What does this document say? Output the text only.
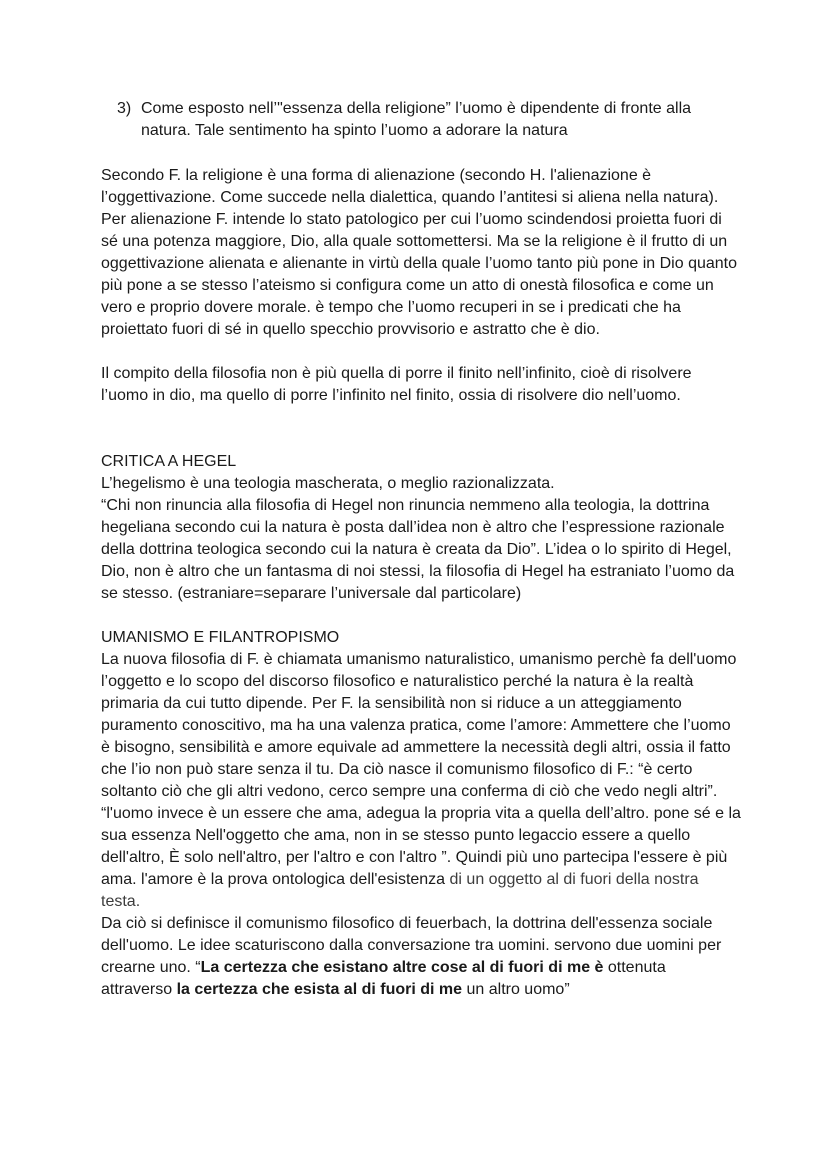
3) Come esposto nell’"essenza della religione” l’uomo è dipendente di fronte alla natura. Tale sentimento ha spinto l’uomo a adorare la natura

Secondo F. la religione è una forma di alienazione (secondo H. l'alienazione è l’oggettivazione. Come succede nella dialettica, quando l’antitesi si aliena nella natura). Per alienazione F. intende lo stato patologico per cui l’uomo scindendosi proietta fuori di sé una potenza maggiore, Dio, alla quale sottomettersi. Ma se la religione è il frutto di un oggettivazione alienata e alienante in virtù della quale l’uomo tanto più pone in Dio quanto più pone a se stesso l’ateismo si configura come un atto di onestà filosofica e come un vero e proprio dovere morale. è tempo che l’uomo recuperi in se i predicati che ha proiettato fuori di sé in quello specchio provvisorio e astratto che è dio.

Il compito della filosofia non è più quella di porre il finito nell’infinito, cioè di risolvere l’uomo in dio, ma quello di porre l’infinito nel finito, ossia di risolvere dio nell’uomo.

CRITICA A HEGEL

L’hegelismo è una teologia mascherata, o meglio razionalizzata.

“Chi non rinuncia alla filosofia di Hegel non rinuncia nemmeno alla teologia, la dottrina hegeliana secondo cui la natura è posta dall’idea non è altro che l’espressione razionale della dottrina teologica secondo cui la natura è creata da Dio”. L’idea o lo spirito di Hegel, Dio, non è altro che un fantasma di noi stessi, la filosofia di Hegel ha estraniato l’uomo da se stesso. (estraniare=separare l’universale dal particolare)

UMANISMO E FILANTROPISMO

La nuova filosofia di F. è chiamata umanismo naturalistico, umanismo perchè fa dell'uomo l’oggetto e lo scopo del discorso filosofico e naturalistico perché la natura è la realtà primaria da cui tutto dipende. Per F. la sensibilità non si riduce a un atteggiamento puramento conoscitivo, ma ha una valenza pratica, come l’amore: Ammettere che l’uomo è bisogno, sensibilità e amore equivale ad ammettere la necessità degli altri, ossia il fatto che l’io non può stare senza il tu. Da ciò nasce il comunismo filosofico di F.: “è certo soltanto ciò che gli altri vedono, cerco sempre una conferma di ciò che vedo negli altri”.

“l'uomo invece è un essere che ama, adegua la propria vita a quella dell’altro. pone sé e la sua essenza Nell'oggetto che ama, non in se stesso punto legaccio essere a quello dell'altro, È solo nell'altro, per l'altro e con l'altro ”. Quindi più uno partecipa l'essere è più ama. l'amore è la prova ontologica dell'esistenza di un oggetto al di fuori della nostra testa.

Da ciò si definisce il comunismo filosofico di feuerbach, la dottrina dell'essenza sociale dell'uomo. Le idee scaturiscono dalla conversazione tra uomini. servono due uomini per crearne uno. “La certezza che esistano altre cose al di fuori di me è ottenuta attraverso la certezza che esista al di fuori di me un altro uomo”
